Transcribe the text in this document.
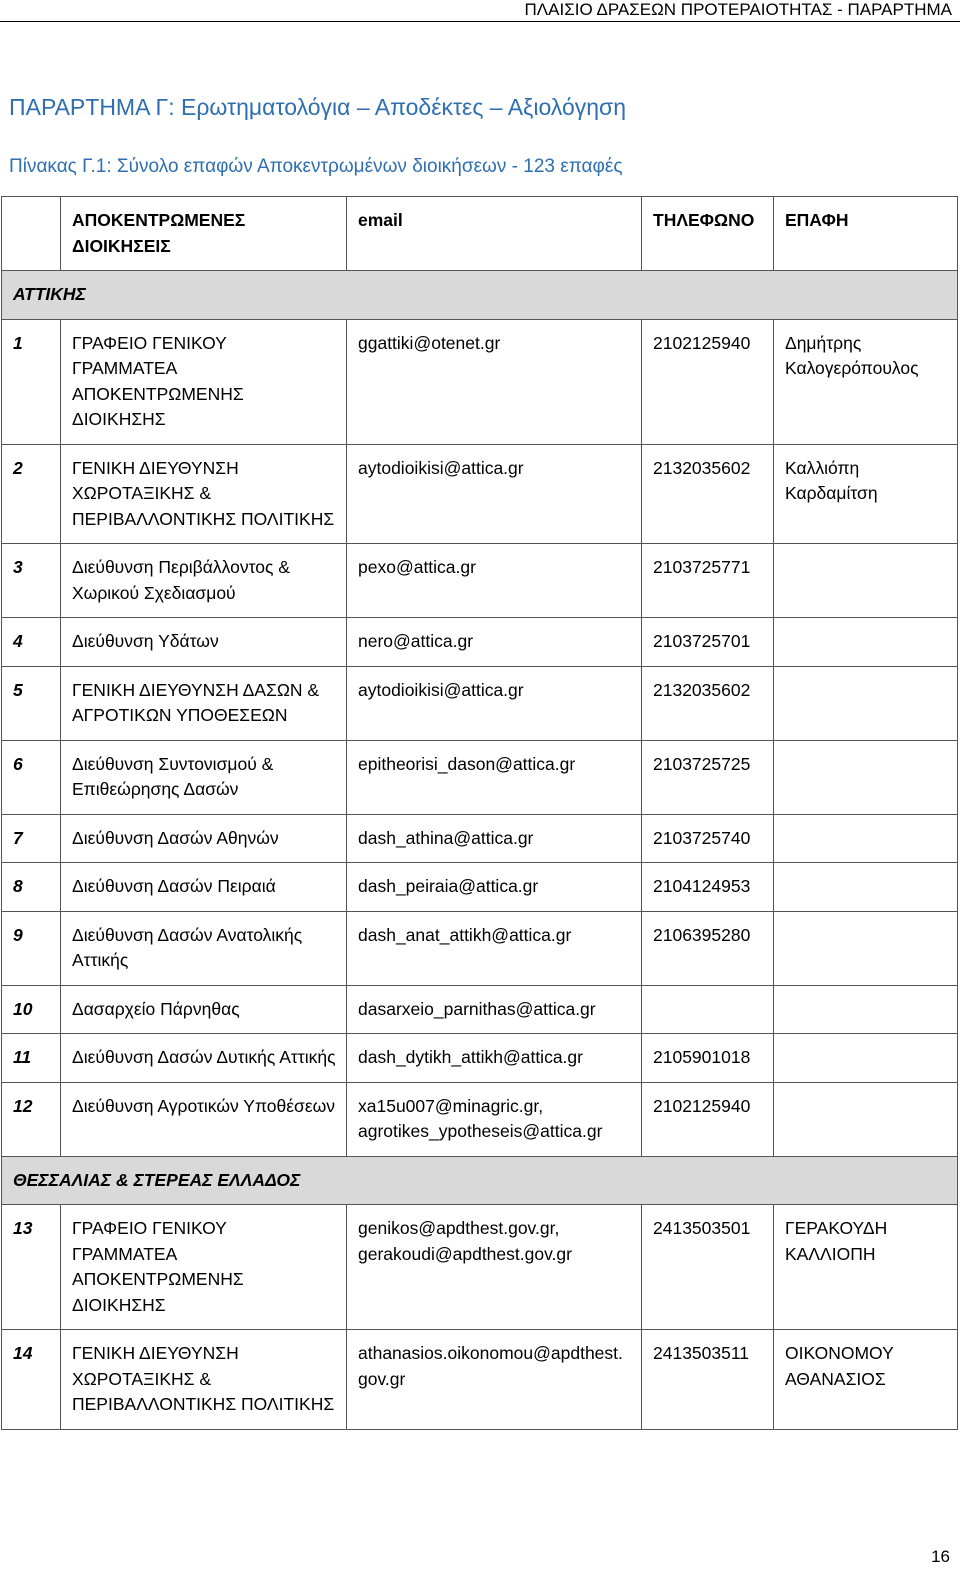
ΠΛΑΙΣΙΟ ΔΡΑΣΕΩΝ ΠΡΟΤΕΡΑΙΟΤΗΤΑΣ - ΠΑΡΑΡΤΗΜΑ
ΠΑΡΑΡΤΗΜΑ Γ: Ερωτηματολόγια – Αποδέκτες – Αξιολόγηση
Πίνακας Γ.1: Σύνολο επαφών Αποκεντρωμένων διοικήσεων - 123 επαφές
	ΑΠΟΚΕΝΤΡΩΜΕΝΕΣ ΔΙΟΙΚΗΣΕΙΣ	email	ΤΗΛΕΦΩΝΟ	ΕΠΑΦΗ
ΑΤΤΙΚΗΣ				
1	ΓΡΑΦΕΙΟ ΓΕΝΙΚΟΥ ΓΡΑΜΜΑΤΕΑ ΑΠΟΚΕΝΤΡΩΜΕΝΗΣ ΔΙΟΙΚΗΣΗΣ	ggattiki@otenet.gr	2102125940	Δημήτρης Καλογερόπουλος
2	ΓΕΝΙΚΗ ΔΙΕΥΘΥΝΣΗ ΧΩΡΟΤΑΞΙΚΗΣ & ΠΕΡΙΒΑΛΛΟΝΤΙΚΗΣ ΠΟΛΙΤΙΚΗΣ	aytodioikisi@attica.gr	2132035602	Καλλιόπη Καρδαμίτση
3	Διεύθυνση Περιβάλλοντος & Χωρικού Σχεδιασμού	pexo@attica.gr	2103725771	
4	Διεύθυνση Υδάτων	nero@attica.gr	2103725701	
5	ΓΕΝΙΚΗ ΔΙΕΥΘΥΝΣΗ ΔΑΣΩΝ & ΑΓΡΟΤΙΚΩΝ ΥΠΟΘΕΣΕΩΝ	aytodioikisi@attica.gr	2132035602	
6	Διεύθυνση Συντονισμού & Επιθεώρησης Δασών	epitheorisi_dason@attica.gr	2103725725	
7	Διεύθυνση Δασών Αθηνών	dash_athina@attica.gr	2103725740	
8	Διεύθυνση Δασών Πειραιά	dash_peiraia@attica.gr	2104124953	
9	Διεύθυνση Δασών Ανατολικής Αττικής	dash_anat_attikh@attica.gr	2106395280	
10	Δασαρχείο Πάρνηθας	dasarxeio_parnithas@attica.gr		
11	Διεύθυνση Δασών Δυτικής Αττικής	dash_dytikh_attikh@attica.gr	2105901018	
12	Διεύθυνση Αγροτικών Υποθέσεων	xa15u007@minagric.gr, agrotikes_ypotheseis@attica.gr	2102125940	
ΘΕΣΣΑΛΙΑΣ & ΣΤΕΡΕΑΣ ΕΛΛΑΔΟΣ				
13	ΓΡΑΦΕΙΟ ΓΕΝΙΚΟΥ ΓΡΑΜΜΑΤΕΑ ΑΠΟΚΕΝΤΡΩΜΕΝΗΣ ΔΙΟΙΚΗΣΗΣ	genikos@apdthest.gov.gr, gerakoudi@apdthest.gov.gr	2413503501	ΓΕΡΑΚΟΥΔΗ ΚΑΛΛΙΟΠΗ
14	ΓΕΝΙΚΗ ΔΙΕΥΘΥΝΣΗ ΧΩΡΟΤΑΞΙΚΗΣ & ΠΕΡΙΒΑΛΛΟΝΤΙΚΗΣ ΠΟΛΙΤΙΚΗΣ	athanasios.oikonomou@apdthest.gov.gr	2413503511	ΟΙΚΟΝΟΜΟΥ ΑΘΑΝΑΣΙΟΣ
16
